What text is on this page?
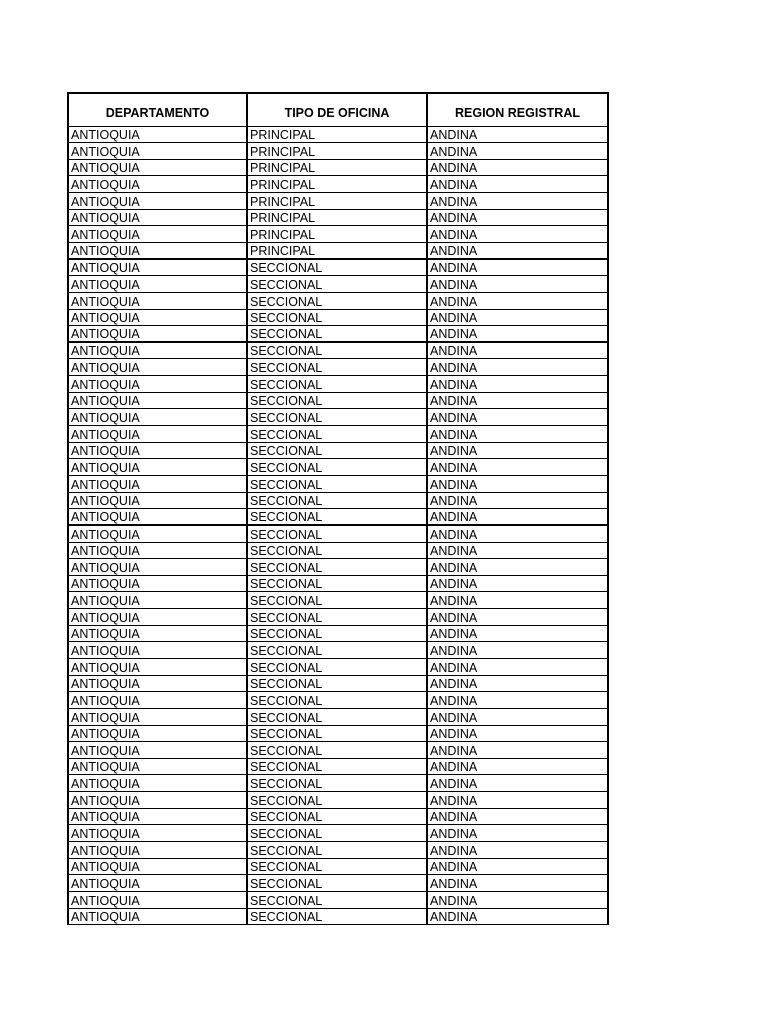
DEPARTAMENTO	TIPO DE OFICINA	REGION REGISTRAL
ANTIOQUIA	PRINCIPAL	ANDINA
ANTIOQUIA	PRINCIPAL	ANDINA
ANTIOQUIA	PRINCIPAL	ANDINA
ANTIOQUIA	PRINCIPAL	ANDINA
ANTIOQUIA	PRINCIPAL	ANDINA
ANTIOQUIA	PRINCIPAL	ANDINA
ANTIOQUIA	PRINCIPAL	ANDINA
ANTIOQUIA	PRINCIPAL	ANDINA
ANTIOQUIA	SECCIONAL	ANDINA
ANTIOQUIA	SECCIONAL	ANDINA
ANTIOQUIA	SECCIONAL	ANDINA
ANTIOQUIA	SECCIONAL	ANDINA
ANTIOQUIA	SECCIONAL	ANDINA
ANTIOQUIA	SECCIONAL	ANDINA
ANTIOQUIA	SECCIONAL	ANDINA
ANTIOQUIA	SECCIONAL	ANDINA
ANTIOQUIA	SECCIONAL	ANDINA
ANTIOQUIA	SECCIONAL	ANDINA
ANTIOQUIA	SECCIONAL	ANDINA
ANTIOQUIA	SECCIONAL	ANDINA
ANTIOQUIA	SECCIONAL	ANDINA
ANTIOQUIA	SECCIONAL	ANDINA
ANTIOQUIA	SECCIONAL	ANDINA
ANTIOQUIA	SECCIONAL	ANDINA
ANTIOQUIA	SECCIONAL	ANDINA
ANTIOQUIA	SECCIONAL	ANDINA
ANTIOQUIA	SECCIONAL	ANDINA
ANTIOQUIA	SECCIONAL	ANDINA
ANTIOQUIA	SECCIONAL	ANDINA
ANTIOQUIA	SECCIONAL	ANDINA
ANTIOQUIA	SECCIONAL	ANDINA
ANTIOQUIA	SECCIONAL	ANDINA
ANTIOQUIA	SECCIONAL	ANDINA
ANTIOQUIA	SECCIONAL	ANDINA
ANTIOQUIA	SECCIONAL	ANDINA
ANTIOQUIA	SECCIONAL	ANDINA
ANTIOQUIA	SECCIONAL	ANDINA
ANTIOQUIA	SECCIONAL	ANDINA
ANTIOQUIA	SECCIONAL	ANDINA
ANTIOQUIA	SECCIONAL	ANDINA
ANTIOQUIA	SECCIONAL	ANDINA
ANTIOQUIA	SECCIONAL	ANDINA
ANTIOQUIA	SECCIONAL	ANDINA
ANTIOQUIA	SECCIONAL	ANDINA
ANTIOQUIA	SECCIONAL	ANDINA
ANTIOQUIA	SECCIONAL	ANDINA
ANTIOQUIA	SECCIONAL	ANDINA
ANTIOQUIA	SECCIONAL	ANDINA
